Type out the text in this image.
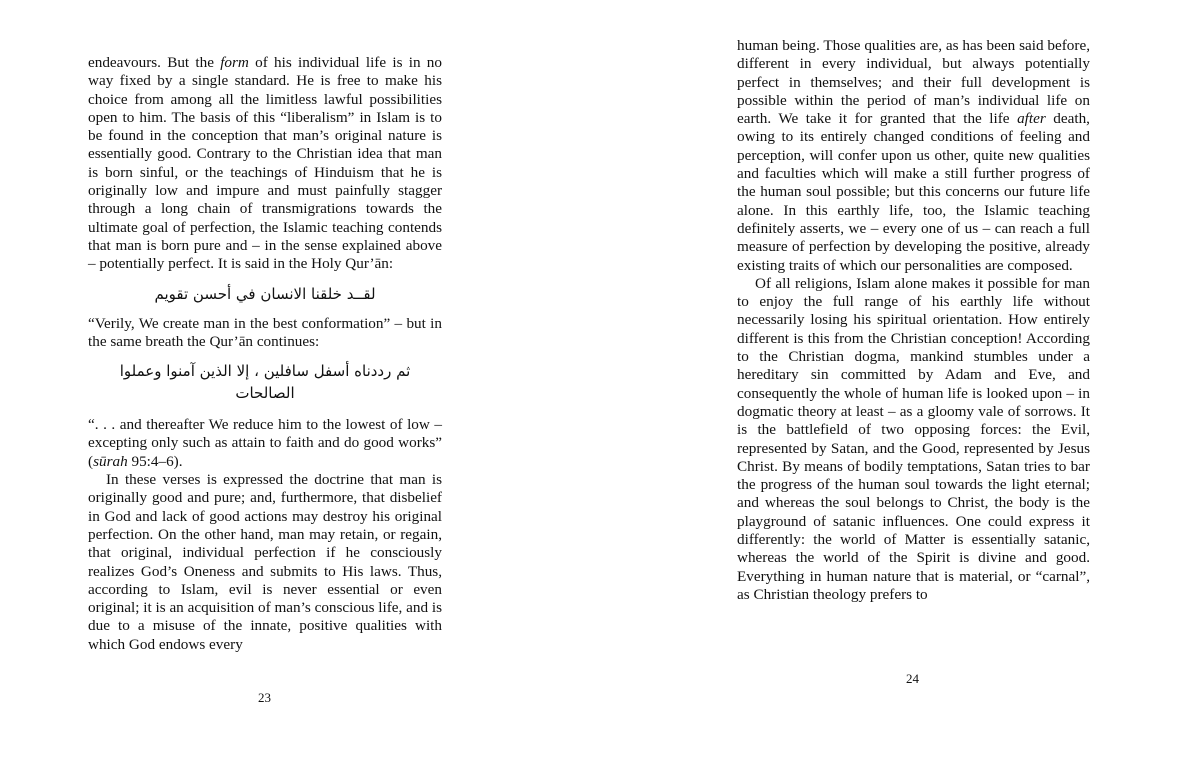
endeavours. But the form of his individual life is in no way fixed by a single standard. He is free to make his choice from among all the limitless lawful possibilities open to him. The basis of this “liberalism” in Islam is to be found in the conception that man’s original nature is essentially good. Contrary to the Christian idea that man is born sinful, or the teachings of Hinduism that he is originally low and impure and must painfully stagger through a long chain of transmigrations towards the ultimate goal of perfection, the Islamic teaching contends that man is born pure and – in the sense explained above – potentially perfect. It is said in the Holy Qur’ān:

لقــد خلقنا الانسان في أحسن تقويم

“Verily, We create man in the best conformation” – but in the same breath the Qur’ān continues:

ثم رددناه أسفل سافلين ، إلا الذين آمنوا وعملوا الصالحات

“. . . and thereafter We reduce him to the lowest of low – excepting only such as attain to faith and do good works” (sūrah 95:4–6).

In these verses is expressed the doctrine that man is originally good and pure; and, furthermore, that disbelief in God and lack of good actions may destroy his original perfection. On the other hand, man may retain, or regain, that original, individual perfection if he consciously realizes God’s Oneness and submits to His laws. Thus, according to Islam, evil is never essential or even original; it is an acquisition of man’s conscious life, and is due to a misuse of the innate, positive qualities with which God endows every

23

human being. Those qualities are, as has been said before, different in every individual, but always potentially perfect in themselves; and their full development is possible within the period of man’s individual life on earth. We take it for granted that the life after death, owing to its entirely changed conditions of feeling and perception, will confer upon us other, quite new qualities and faculties which will make a still further progress of the human soul possible; but this concerns our future life alone. In this earthly life, too, the Islamic teaching definitely asserts, we – every one of us – can reach a full measure of perfection by developing the positive, already existing traits of which our personalities are composed.

Of all religions, Islam alone makes it possible for man to enjoy the full range of his earthly life without necessarily losing his spiritual orientation. How entirely different is this from the Christian conception! According to the Christian dogma, mankind stumbles under a hereditary sin committed by Adam and Eve, and consequently the whole of human life is looked upon – in dogmatic theory at least – as a gloomy vale of sorrows. It is the battlefield of two opposing forces: the Evil, represented by Satan, and the Good, represented by Jesus Christ. By means of bodily temptations, Satan tries to bar the progress of the human soul towards the light eternal; and whereas the soul belongs to Christ, the body is the playground of satanic influences. One could express it differently: the world of Matter is essentially satanic, whereas the world of the Spirit is divine and good. Everything in human nature that is material, or “carnal”, as Christian theology prefers to

24
